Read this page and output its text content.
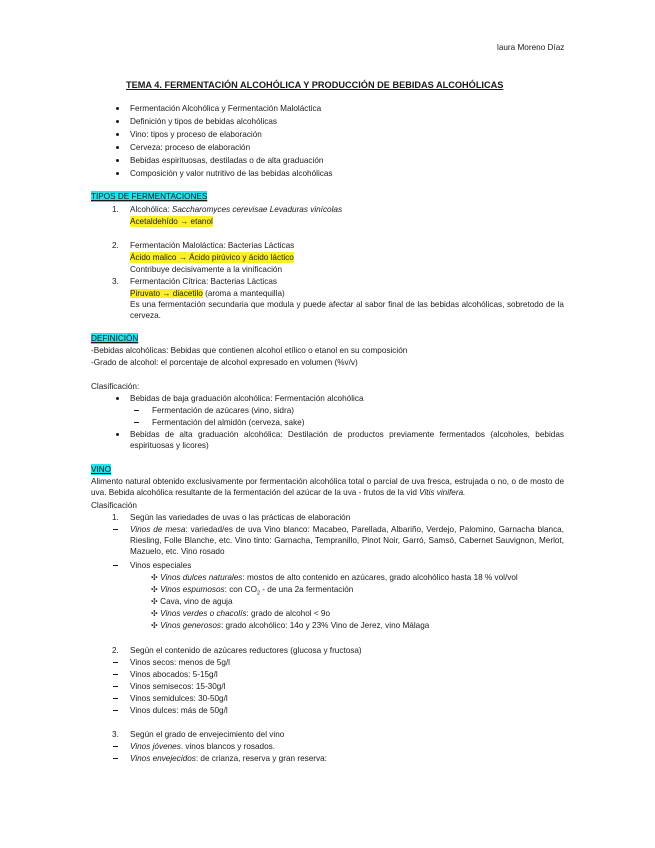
laura Moreno Díaz
TEMA 4. FERMENTACIÓN ALCOHÓLICA Y PRODUCCIÓN DE BEBIDAS ALCOHÓLICAS
Fermentación Alcohólica y Fermentación Maloláctica
Definición y tipos de bebidas alcohólicas
Vino: tipos y proceso de elaboración
Cerveza: proceso de elaboración
Bebidas espirituosas, destiladas o de alta graduación
Composición y valor nutritivo de las bebidas alcohólicas
TIPOS DE FERMENTACIONES
1. Alcohólica: Saccharomyces cerevisae Levaduras vinícolas
Acetaldehído → etanol
2. Fermentación Maloláctica: Bacterias Lácticas
Ácido malico → Ácido pirúvico y ácido láctico
Contribuye decisivamente a la vinificación
3. Fermentación Cítrica: Bacterias Lácticas
Piruvato → diacetilo (aroma a mantequilla)
Es una fermentación secundaria que modula y puede afectar al sabor final de las bebidas alcohólicas, sobretodo de la cerveza.
DEFINICIÓN
-Bebidas alcohólicas: Bebidas que contienen alcohol etílico o etanol en su composición
-Grado de alcohol: el porcentaje de alcohol expresado en volumen (%v/v)
Clasificación:
Bebidas de baja graduación alcohólica: Fermentación alcohólica
Fermentación de azúcares (vino, sidra)
Fermentación del almidón (cerveza, sake)
Bebidas de alta graduación alcohólica: Destilación de productos previamente fermentados (alcoholes, bebidas espirituosas y licores)
VINO
Alimento natural obtenido exclusivamente por fermentación alcohólica total o parcial de uva fresca, estrujada o no, o de mosto de uva. Bebida alcohólica resultante de la fermentación del azúcar de la uva - frutos de la vid Vitis vinifera.
Clasificación
1. Según las variedades de uvas o las prácticas de elaboración
Vinos de mesa: variedad/es de uva Vino blanco: Macabeo, Parellada, Albariño, Verdejo, Palomino, Garnacha blanca, Riesling, Folle Blanche, etc. Vino tinto: Garnacha, Tempranillo, Pinot Noir, Garró, Samsó, Cabernet Sauvignon, Merlot, Mazuelo, etc. Vino rosado
Vinos especiales
✣ Vinos dulces naturales: mostos de alto contenido en azúcares, grado alcohólico hasta 18 % vol/vol
✣ Vinos espumosos: con $CO_2$ - de una 2a fermentación
✣ Cava, vino de aguja
✣ Vinos verdes o chacolís: grado de alcohol < 9o
✣ Vinos generosos: grado alcohólico: 14o y 23% Vino de Jerez, vino Málaga
2. Según el contenido de azúcares reductores (glucosa y fructosa)
Vinos secos: menos de 5g/l
Vinos abocados: 5-15g/l
Vinos semisecos: 15-30g/l
Vinos semidulces: 30-50g/l
Vinos dulces: más de 50g/l
3. Según el grado de envejecimiento del vino
Vinos jóvenes. vinos blancos y rosados.
Vinos envejecidos: de crianza, reserva y gran reserva:
